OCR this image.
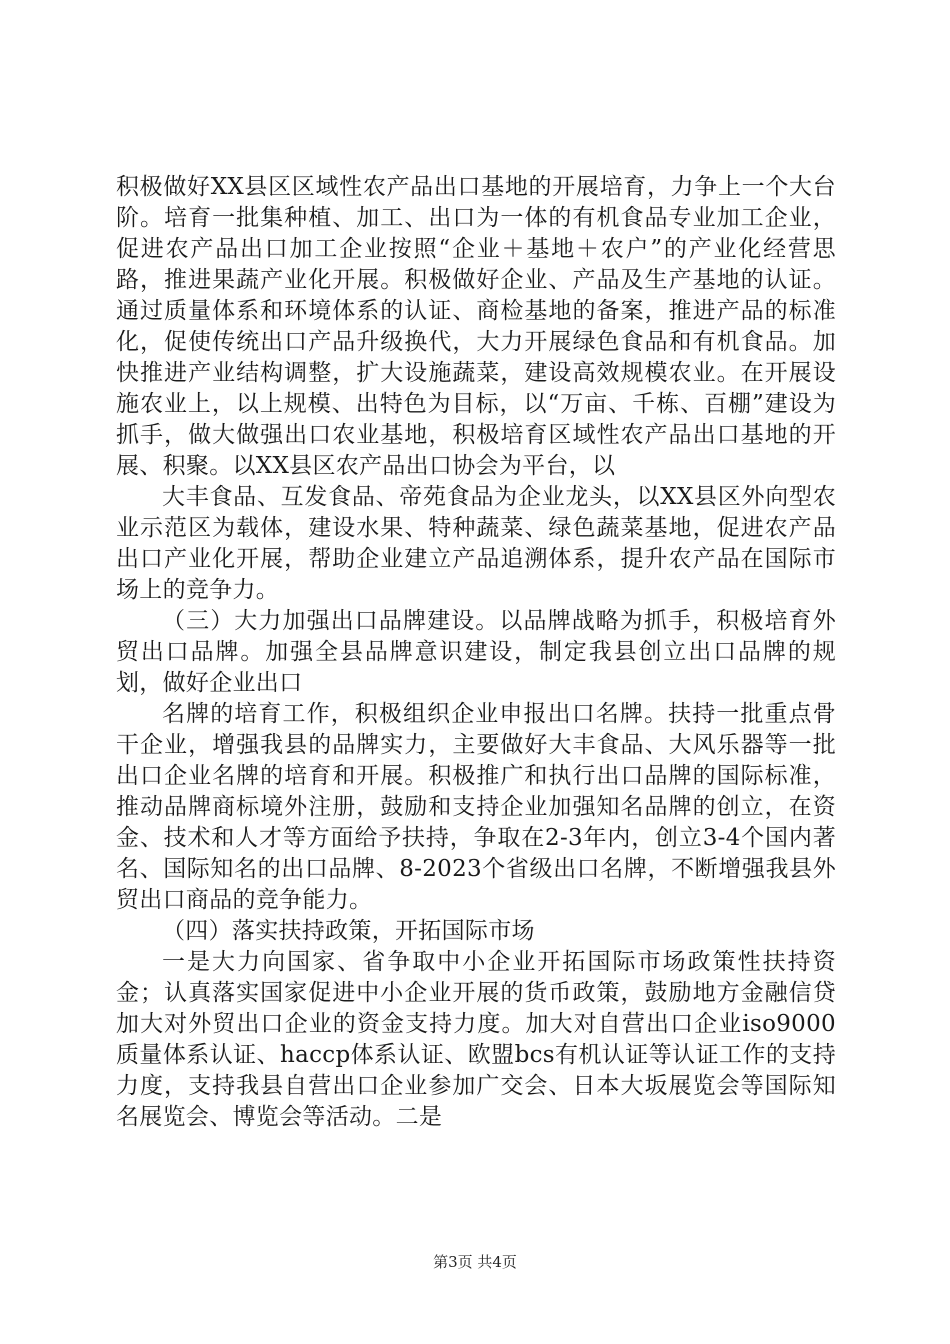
积极做好XX县区区域性农产品出口基地的开展培育，力争上一个大台阶。培育一批集种植、加工、出口为一体的有机食品专业加工企业，促进农产品出口加工企业按照“企业＋基地＋农户”的产业化经营思路，推进果蔬产业化开展。积极做好企业、产品及生产基地的认证。通过质量体系和环境体系的认证、商检基地的备案，推进产品的标准化，促使传统出口产品升级换代，大力开展绿色食品和有机食品。加快推进产业结构调整，扩大设施蔬菜，建设高效规模农业。在开展设施农业上，以上规模、出特色为目标，以“万亩、千栋、百棚”建设为抓手，做大做强出口农业基地，积极培育区域性农产品出口基地的开展、积聚。以XX县区农产品出口协会为平台，以

大丰食品、互发食品、帝苑食品为企业龙头，以XX县区外向型农业示范区为载体，建设水果、特种蔬菜、绿色蔬菜基地，促进农产品出口产业化开展，帮助企业建立产品追溯体系，提升农产品在国际市场上的竞争力。

（三）大力加强出口品牌建设。以品牌战略为抓手，积极培育外贸出口品牌。加强全县品牌意识建设，制定我县创立出口品牌的规划，做好企业出口

名牌的培育工作，积极组织企业申报出口名牌。扶持一批重点骨干企业，增强我县的品牌实力，主要做好大丰食品、大风乐器等一批出口企业名牌的培育和开展。积极推广和执行出口品牌的国际标准，推动品牌商标境外注册，鼓励和支持企业加强知名品牌的创立，在资金、技术和人才等方面给予扶持，争取在2-3年内，创立3-4个国内著名、国际知名的出口品牌、8-2023个省级出口名牌，不断增强我县外贸出口商品的竞争能力。

（四）落实扶持政策，开拓国际市场

一是大力向国家、省争取中小企业开拓国际市场政策性扶持资金；认真落实国家促进中小企业开展的货币政策，鼓励地方金融信贷加大对外贸出口企业的资金支持力度。加大对自营出口企业iso9000质量体系认证、haccp体系认证、欧盟bcs有机认证等认证工作的支持力度，支持我县自营出口企业参加广交会、日本大坂展览会等国际知名展览会、博览会等活动。二是

第3页 共4页
